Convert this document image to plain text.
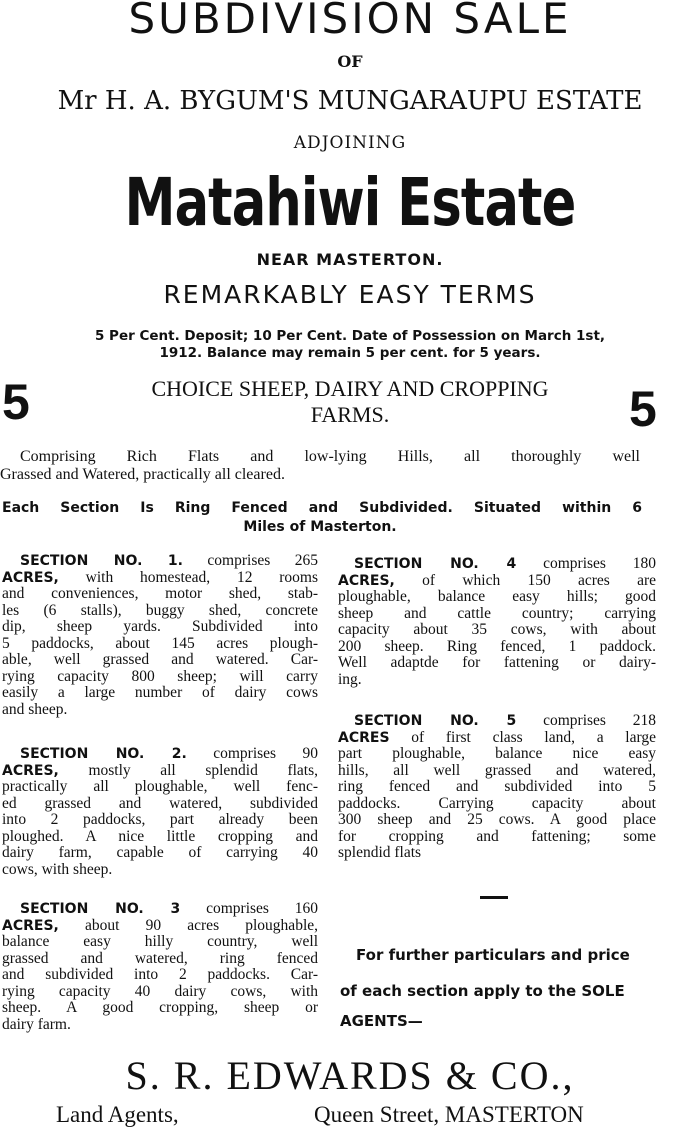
SUBDIVISION SALE
OF
Mr H. A. BYGUM'S MUNGARAUPU ESTATE
ADJOINING
Matahiwi Estate
NEAR MASTERTON.
REMARKABLY EASY TERMS
5 Per Cent. Deposit; 10 Per Cent. Date of Possession on March 1st,
1912. Balance may remain 5 per cent. for 5 years.
5	CHOICE SHEEP, DAIRY AND CROPPING
FARMS.	5
Comprising Rich Flats and low-lying Hills, all thoroughly well
Grassed and Watered, practically all cleared.
Each Section Is Ring Fenced and Subdivided. Situated within 6
Miles of Masterton.

SECTION NO. 1. comprises 265

ACRES, with homestead, 12 rooms

and conveniences, motor shed, stab-

les (6 stalls), buggy shed, concrete

dip, sheep yards. Subdivided into

5 paddocks, about 145 acres plough-

able, well grassed and watered. Car-

rying capacity 800 sheep; will carry

easily a large number of dairy cows

and sheep.

SECTION NO. 2. comprises 90

ACRES, mostly all splendid flats,

practically all ploughable, well fenc-

ed grassed and watered, subdivided

into 2 paddocks, part already been

ploughed. A nice little cropping and

dairy farm, capable of carrying 40

cows, with sheep.

SECTION NO. 3 comprises 160

ACRES, about 90 acres ploughable,

balance easy hilly country, well

grassed and watered, ring fenced

and subdivided into 2 paddocks. Car-

rying capacity 40 dairy cows, with

sheep. A good cropping, sheep or

dairy farm.

SECTION NO. 4 comprises 180

ACRES, of which 150 acres are

ploughable, balance easy hills; good

sheep and cattle country; carrying

capacity about 35 cows, with about

200 sheep. Ring fenced, 1 paddock.

Well adaptde for fattening or dairy-

ing.

SECTION NO. 5 comprises 218

ACRES of first class land, a large

part ploughable, balance nice easy

hills, all well grassed and watered,

ring fenced and subdivided into 5

paddocks. Carrying capacity about

300 sheep and 25 cows. A good place

for cropping and fattening; some

splendid flats

For further particulars and price
of each section apply to the SOLE
AGENTS—
S. R. EDWARDS & CO.,
Land Agents,	Queen Street, MASTERTON
